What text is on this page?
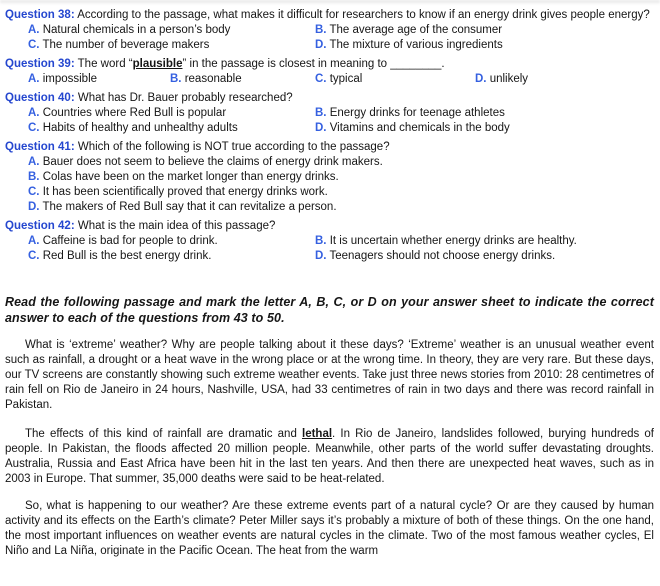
Question 38: According to the passage, what makes it difficult for researchers to know if an energy drink gives people energy?

A. Natural chemicals in a person’s body	B. The average age of the consumer
C. The number of beverage makers	D. The mixture of various ingredients

Question 39: The word “plausible” in the passage is closest in meaning to ________.

A. impossible	B. reasonable	C. typical	D. unlikely

Question 40: What has Dr. Bauer probably researched?

A. Countries where Red Bull is popular	B. Energy drinks for teenage athletes
C. Habits of healthy and unhealthy adults	D. Vitamins and chemicals in the body

Question 41: Which of the following is NOT true according to the passage?

A. Bauer does not seem to believe the claims of energy drink makers.
B. Colas have been on the market longer than energy drinks.
C. It has been scientifically proved that energy drinks work.
D. The makers of Red Bull say that it can revitalize a person.

Question 42: What is the main idea of this passage?

A. Caffeine is bad for people to drink.	B. It is uncertain whether energy drinks are healthy.
C. Red Bull is the best energy drink.	D. Teenagers should not choose energy drinks.

Read the following passage and mark the letter A, B, C, or D on your answer sheet to indicate the correct answer to each of the questions from 43 to 50.

What is ‘extreme’ weather? Why are people talking about it these days? ‘Extreme’ weather is an unusual weather event such as rainfall, a drought or a heat wave in the wrong place or at the wrong time. In theory, they are very rare. But these days, our TV screens are constantly showing such extreme weather events. Take just three news stories from 2010: 28 centimetres of rain fell on Rio de Janeiro in 24 hours, Nashville, USA, had 33 centimetres of rain in two days and there was record rainfall in Pakistan.

The effects of this kind of rainfall are dramatic and lethal. In Rio de Janeiro, landslides followed, burying hundreds of people. In Pakistan, the floods affected 20 million people. Meanwhile, other parts of the world suffer devastating droughts. Australia, Russia and East Africa have been hit in the last ten years. And then there are unexpected heat waves, such as in 2003 in Europe. That summer, 35,000 deaths were said to be heat-related.

So, what is happening to our weather? Are these extreme events part of a natural cycle? Or are they caused by human activity and its effects on the Earth’s climate? Peter Miller says it’s probably a mixture of both of these things. On the one hand, the most important influences on weather events are natural cycles in the climate. Two of the most famous weather cycles, El Niño and La Niña, originate in the Pacific Ocean. The heat from the warm
